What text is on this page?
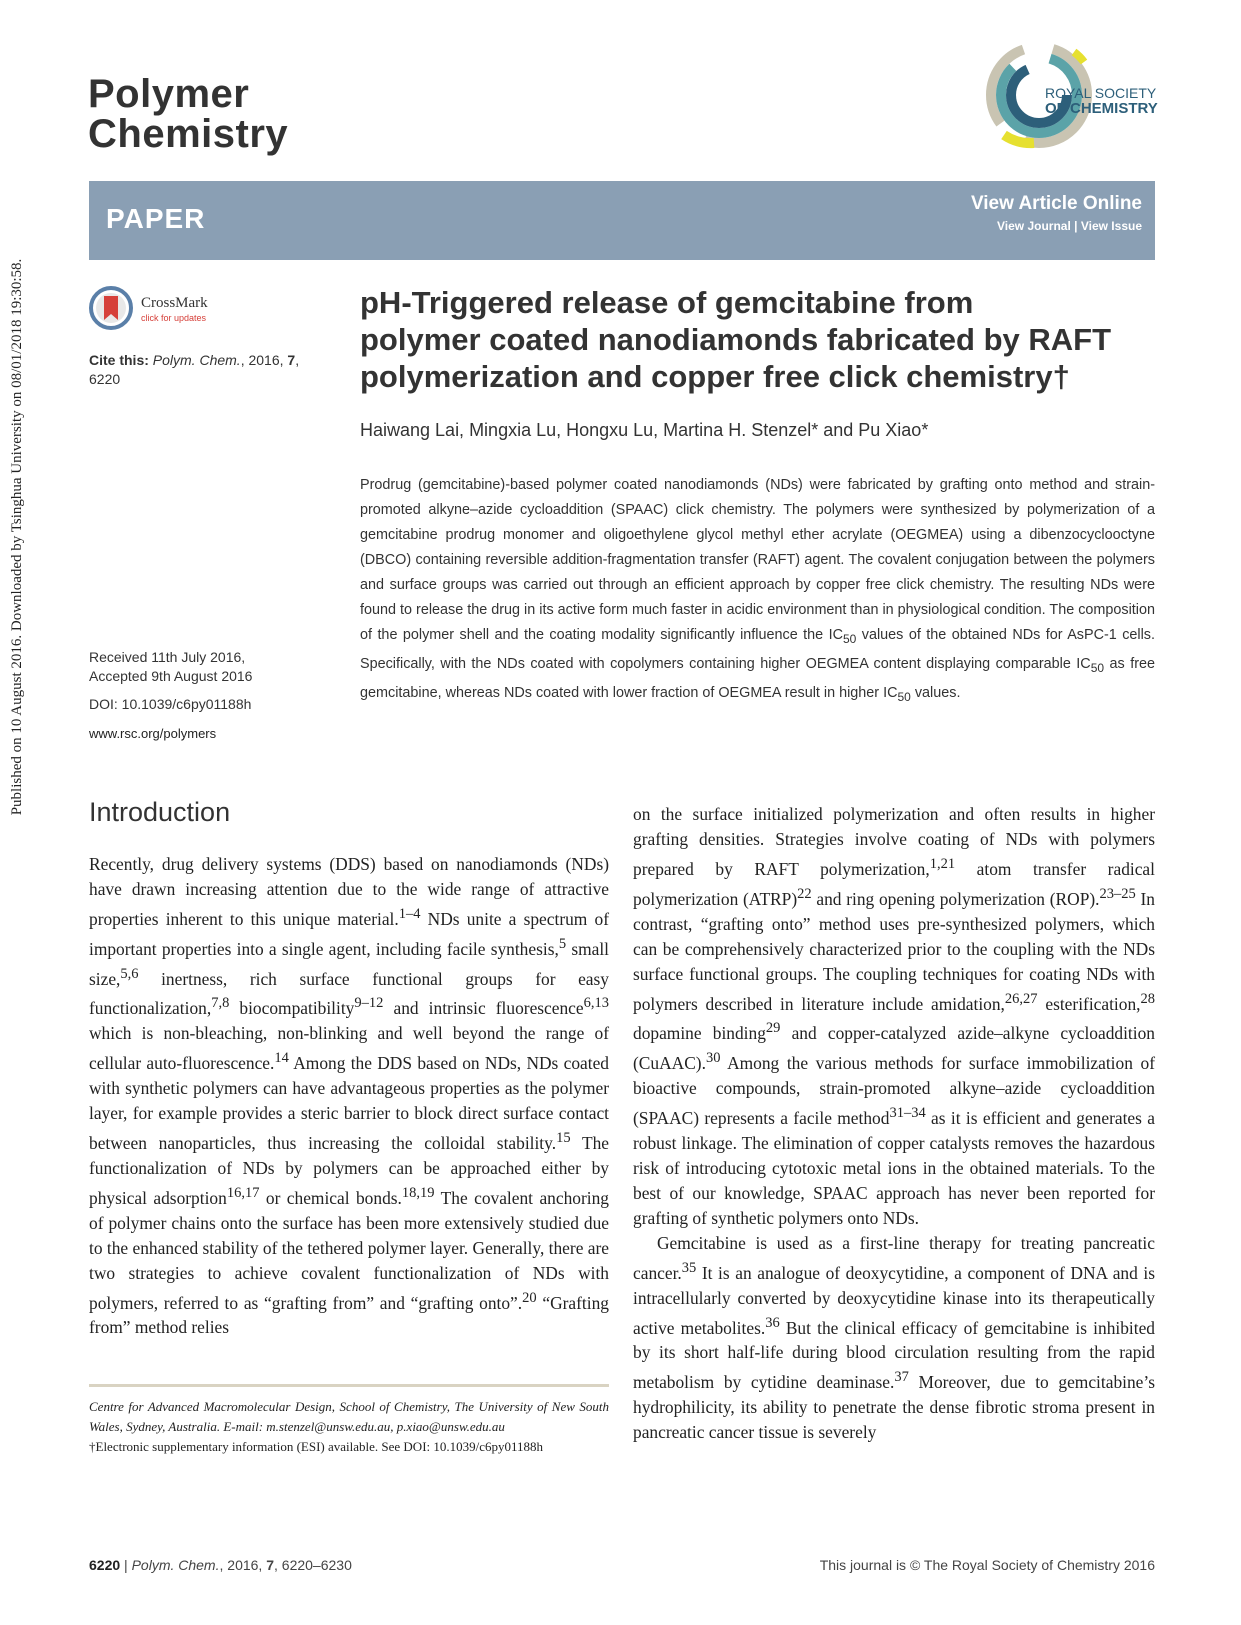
Published on 10 August 2016. Downloaded by Tsinghua University on 08/01/2018 19:30:58.
Polymer
Chemistry
ROYAL SOCIETY
OF CHEMISTRY
PAPER	View Article Online
View Journal | View Issue
CrossMark
click for updates
Cite this: Polym. Chem., 2016, 7,
6220
Received 11th July 2016,
Accepted 9th August 2016
DOI: 10.1039/c6py01188h
www.rsc.org/polymers
pH-Triggered release of gemcitabine from
polymer coated nanodiamonds fabricated by RAFT
polymerization and copper free click chemistry†
Haiwang Lai, Mingxia Lu, Hongxu Lu, Martina H. Stenzel* and Pu Xiao*
Prodrug (gemcitabine)-based polymer coated nanodiamonds (NDs) were fabricated by grafting onto method and strain-promoted alkyne–azide cycloaddition (SPAAC) click chemistry. The polymers were synthesized by polymerization of a gemcitabine prodrug monomer and oligoethylene glycol methyl ether acrylate (OEGMEA) using a dibenzocyclooctyne (DBCO) containing reversible addition-fragmentation transfer (RAFT) agent. The covalent conjugation between the polymers and surface groups was carried out through an efficient approach by copper free click chemistry. The resulting NDs were found to release the drug in its active form much faster in acidic environment than in physiological condition. The composition of the polymer shell and the coating modality significantly influence the $IC_{50}$ values of the obtained NDs for AsPC-1 cells. Specifically, with the NDs coated with copolymers containing higher OEGMEA content displaying comparable $IC_{50}$ as free gemcitabine, whereas NDs coated with lower fraction of OEGMEA result in higher $IC_{50}$ values.
Introduction

Recently, drug delivery systems (DDS) based on nanodiamonds (NDs) have drawn increasing attention due to the wide range of attractive properties inherent to this unique material.$^{1-4}$ NDs unite a spectrum of important properties into a single agent, including facile synthesis,$^5$ small size,$^{5,6}$ inertness, rich surface functional groups for easy functionalization,$^{7,8}$ biocompatibility$^{9-12}$ and intrinsic fluorescence$^{6,13}$ which is non-bleaching, non-blinking and well beyond the range of cellular auto-fluorescence.$^{14}$ Among the DDS based on NDs, NDs coated with synthetic polymers can have advantageous properties as the polymer layer, for example provides a steric barrier to block direct surface contact between nanoparticles, thus increasing the colloidal stability.$^{15}$ The functionalization of NDs by polymers can be approached either by physical adsorption$^{16,17}$ or chemical bonds.$^{18,19}$ The covalent anchoring of polymer chains onto the surface has been more extensively studied due to the enhanced stability of the tethered polymer layer. Generally, there are two strategies to achieve covalent functionalization of NDs with polymers, referred to as “grafting from” and “grafting onto”.$^{20}$ “Grafting from” method relies

Centre for Advanced Macromolecular Design, School of Chemistry, The University of New South Wales, Sydney, Australia. E-mail: m.stenzel@unsw.edu.au, p.xiao@unsw.edu.au
†Electronic supplementary information (ESI) available. See DOI: 10.1039/c6py01188h

on the surface initialized polymerization and often results in higher grafting densities. Strategies involve coating of NDs with polymers prepared by RAFT polymerization,$^{1,21}$ atom transfer radical polymerization (ATRP)$^{22}$ and ring opening polymerization (ROP).$^{23-25}$ In contrast, “grafting onto” method uses pre-synthesized polymers, which can be comprehensively characterized prior to the coupling with the NDs surface functional groups. The coupling techniques for coating NDs with polymers described in literature include amidation,$^{26,27}$ esterification,$^{28}$ dopamine binding$^{29}$ and copper-catalyzed azide–alkyne cycloaddition (CuAAC).$^{30}$ Among the various methods for surface immobilization of bioactive compounds, strain-promoted alkyne–azide cycloaddition (SPAAC) represents a facile method$^{31-34}$ as it is efficient and generates a robust linkage. The elimination of copper catalysts removes the hazardous risk of introducing cytotoxic metal ions in the obtained materials. To the best of our knowledge, SPAAC approach has never been reported for grafting of synthetic polymers onto NDs.

Gemcitabine is used as a first-line therapy for treating pancreatic cancer.$^{35}$ It is an analogue of deoxycytidine, a component of DNA and is intracellularly converted by deoxycytidine kinase into its therapeutically active metabolites.$^{36}$ But the clinical efficacy of gemcitabine is inhibited by its short half-life during blood circulation resulting from the rapid metabolism by cytidine deaminase.$^{37}$ Moreover, due to gemcitabine’s hydrophilicity, its ability to penetrate the dense fibrotic stroma present in pancreatic cancer tissue is severely

6220 | Polym. Chem., 2016, 7, 6220–6230	This journal is © The Royal Society of Chemistry 2016
